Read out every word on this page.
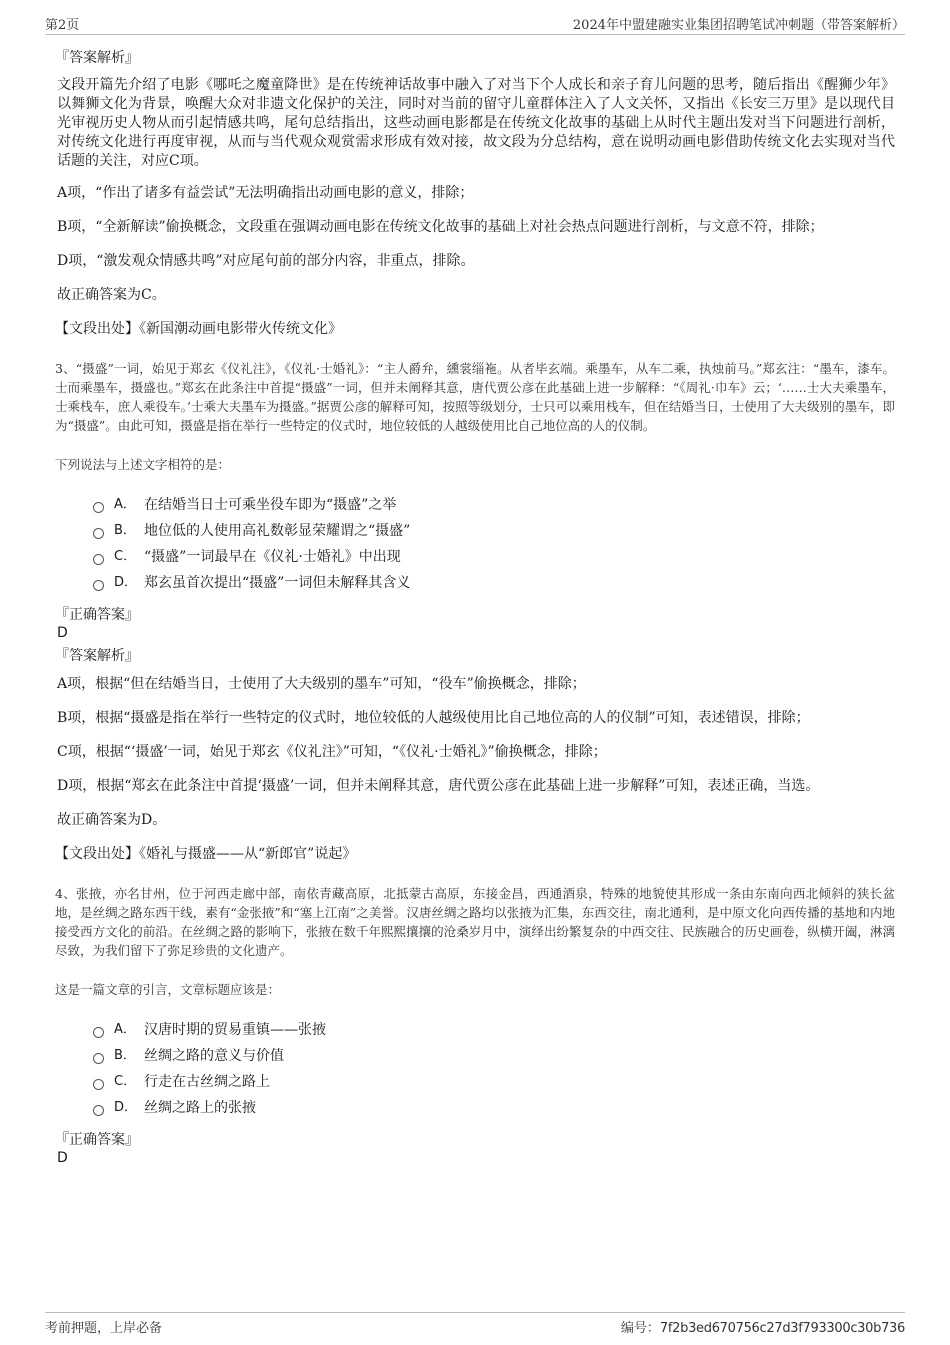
第2页	2024年中盟建融实业集团招聘笔试冲刺题（带答案解析）
『答案解析』

文段开篇先介绍了电影《哪吒之魔童降世》是在传统神话故事中融入了对当下个人成长和亲子育儿问题的思考，随后指出《醒狮少年》以舞狮文化为背景，唤醒大众对非遗文化保护的关注，同时对当前的留守儿童群体注入了人文关怀，又指出《长安三万里》是以现代目光审视历史人物从而引起情感共鸣，尾句总结指出，这些动画电影都是在传统文化故事的基础上从时代主题出发对当下问题进行剖析，对传统文化进行再度审视，从而与当代观众观赏需求形成有效对接，故文段为分总结构，意在说明动画电影借助传统文化去实现对当代话题的关注，对应C项。

A项，“作出了诸多有益尝试”无法明确指出动画电影的意义，排除；

B项，“全新解读”偷换概念，文段重在强调动画电影在传统文化故事的基础上对社会热点问题进行剖析，与文意不符，排除；

D项，“激发观众情感共鸣”对应尾句前的部分内容，非重点，排除。

故正确答案为C。

【文段出处】《新国潮动画电影带火传统文化》

3、“摄盛”一词，始见于郑玄《仪礼注》，《仪礼·士婚礼》：“主人爵弁，纁裳缁袘。从者毕玄端。乘墨车，从车二乘，执烛前马。”郑玄注：“墨车，漆车。士而乘墨车，摄盛也。”郑玄在此条注中首提“摄盛”一词，但并未阐释其意，唐代贾公彦在此基础上进一步解释：“《周礼·巾车》云；‘……士大夫乘墨车，士乘栈车，庶人乘役车。’士乘大夫墨车为摄盛。”据贾公彦的解释可知，按照等级划分，士只可以乘用栈车，但在结婚当日，士使用了大夫级别的墨车，即为“摄盛”。由此可知，摄盛是指在举行一些特定的仪式时，地位较低的人越级使用比自己地位高的人的仪制。

下列说法与上述文字相符的是：

A． 在结婚当日士可乘坐役车即为“摄盛”之举
B． 地位低的人使用高礼数彰显荣耀谓之“摄盛”
C． “摄盛”一词最早在《仪礼·士婚礼》中出现
D． 郑玄虽首次提出“摄盛”一词但未解释其含义

『正确答案』

D

『答案解析』

A项，根据“但在结婚当日，士使用了大夫级别的墨车”可知，“役车”偷换概念，排除；

B项，根据“摄盛是指在举行一些特定的仪式时，地位较低的人越级使用比自己地位高的人的仪制”可知，表述错误，排除；

C项，根据“‘摄盛’一词，始见于郑玄《仪礼注》”可知，“《仪礼·士婚礼》”偷换概念，排除；

D项，根据“郑玄在此条注中首提‘摄盛’一词，但并未阐释其意，唐代贾公彦在此基础上进一步解释”可知，表述正确，当选。

故正确答案为D。

【文段出处】《婚礼与摄盛——从“新郎官”说起》

4、张掖，亦名甘州，位于河西走廊中部，南依青藏高原，北抵蒙古高原，东接金昌，西通酒泉，特殊的地貌使其形成一条由东南向西北倾斜的狭长盆地，是丝绸之路东西干线，素有“金张掖”和“塞上江南”之美誉。汉唐丝绸之路均以张掖为汇集，东西交往，南北通利，是中原文化向西传播的基地和内地接受西方文化的前沿。在丝绸之路的影响下，张掖在数千年熙熙攘攘的沧桑岁月中，演绎出纷繁复杂的中西交往、民族融合的历史画卷，纵横开阖，淋漓尽致，为我们留下了弥足珍贵的文化遗产。

这是一篇文章的引言，文章标题应该是：

A． 汉唐时期的贸易重镇——张掖
B． 丝绸之路的意义与价值
C． 行走在古丝绸之路上
D． 丝绸之路上的张掖

『正确答案』

D

考前押题，上岸必备	编号：7f2b3ed670756c27d3f793300c30b736
